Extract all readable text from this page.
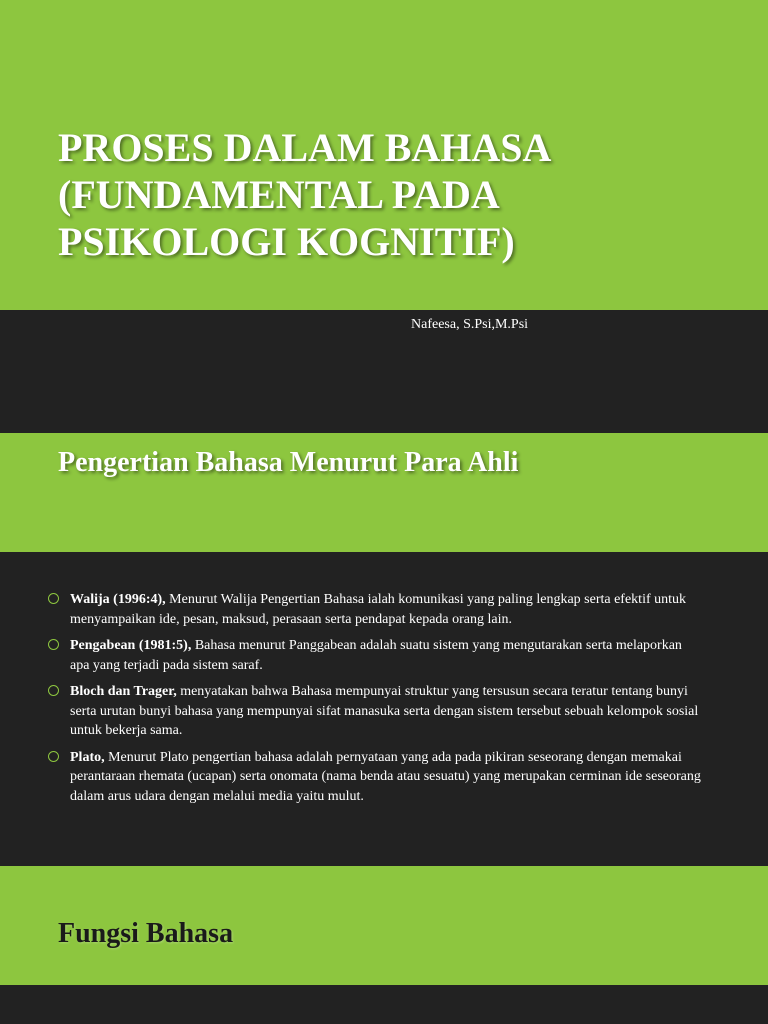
PROSES DALAM BAHASA
(FUNDAMENTAL PADA
PSIKOLOGI KOGNITIF)

Nafeesa, S.Psi,M.Psi

Pengertian Bahasa Menurut Para Ahli
Walija (1996:4), Menurut Walija Pengertian Bahasa ialah komunikasi yang paling lengkap serta efektif untuk menyampaikan ide, pesan, maksud, perasaan serta pendapat kepada orang lain.
Pengabean (1981:5), Bahasa menurut Panggabean adalah suatu sistem yang mengutarakan serta melaporkan apa yang terjadi pada sistem saraf.
Bloch dan Trager, menyatakan bahwa Bahasa mempunyai struktur yang tersusun secara teratur tentang bunyi serta urutan bunyi bahasa yang mempunyai sifat manasuka serta dengan sistem tersebut sebuah kelompok sosial untuk bekerja sama.
Plato, Menurut Plato pengertian bahasa adalah pernyataan yang ada pada pikiran seseorang dengan memakai perantaraan rhemata (ucapan) serta onomata (nama benda atau sesuatu) yang merupakan cerminan ide seseorang dalam arus udara dengan melalui media yaitu mulut.
Fungsi Bahasa
